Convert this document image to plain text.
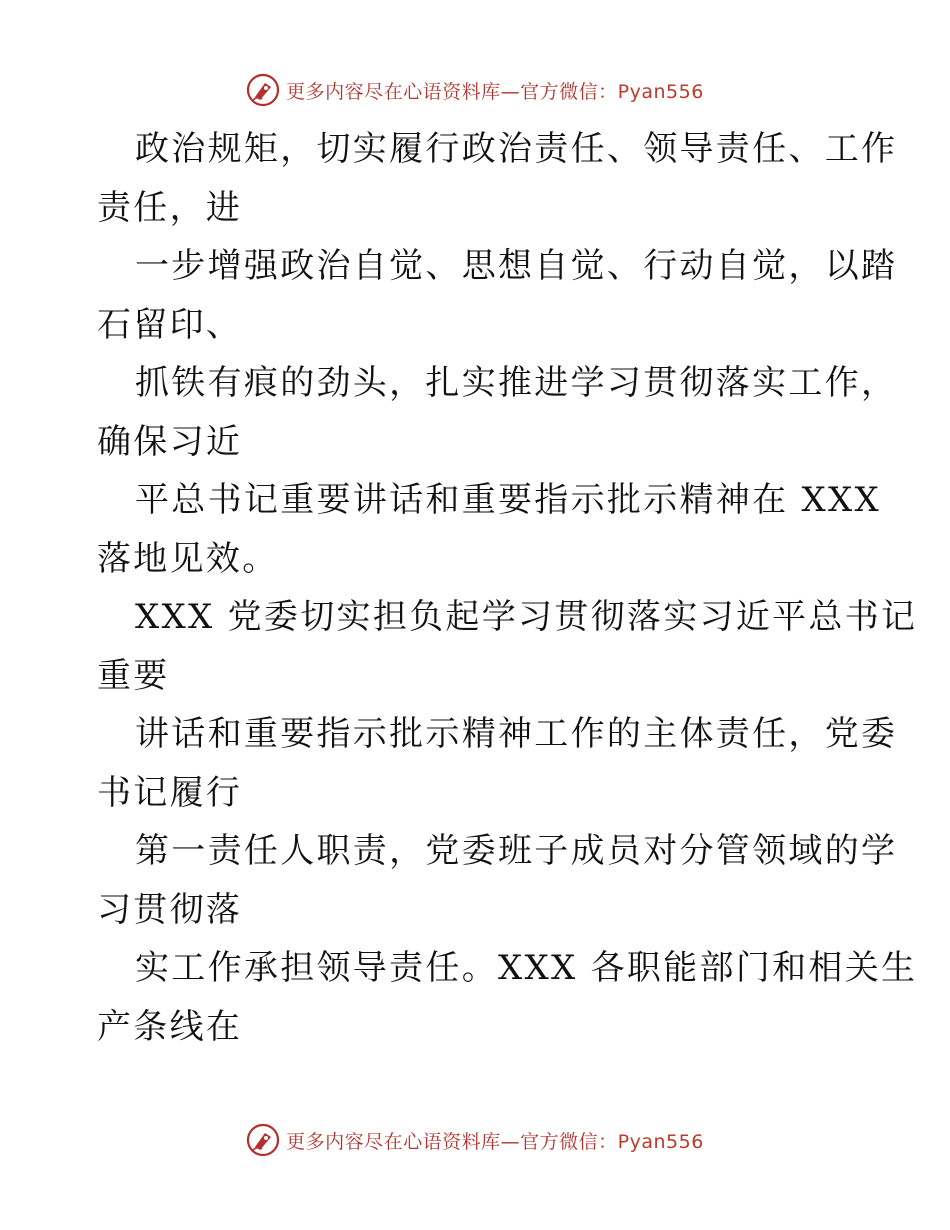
更多内容尽在心语资料库—官方微信：Pyan556
政治规矩，切实履行政治责任、领导责任、工作
责任，进
一步增强政治自觉、思想自觉、行动自觉，以踏
石留印、
抓铁有痕的劲头，扎实推进学习贯彻落实工作，
确保习近
平总书记重要讲话和重要指示批示精神在 XXX
落地见效。
XXX 党委切实担负起学习贯彻落实习近平总书记
重要
讲话和重要指示批示精神工作的主体责任，党委
书记履行
第一责任人职责，党委班子成员对分管领域的学
习贯彻落
实工作承担领导责任。XXX 各职能部门和相关生
产条线在
更多内容尽在心语资料库—官方微信：Pyan556
